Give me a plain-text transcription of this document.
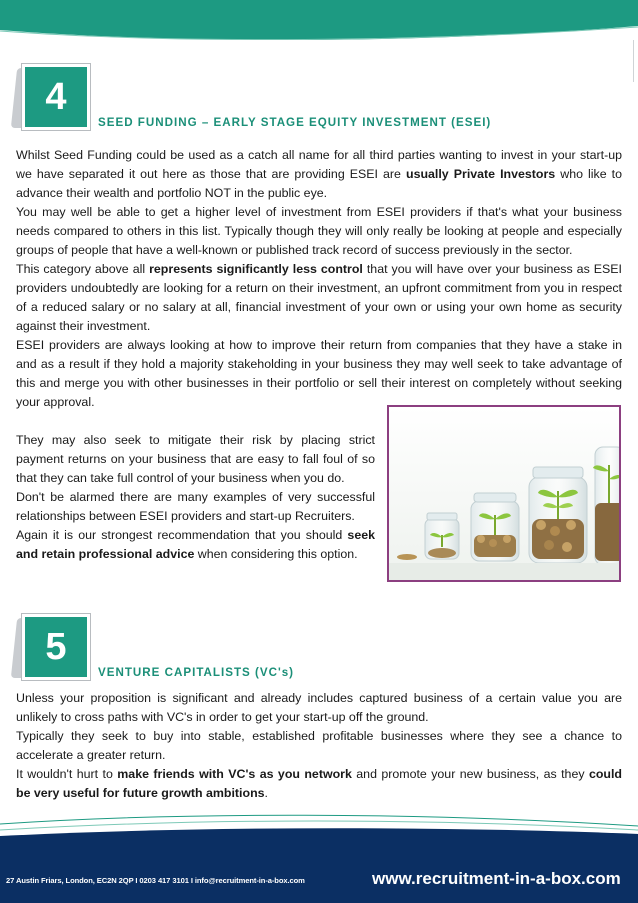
4
SEED FUNDING – EARLY STAGE EQUITY INVESTMENT (ESEI)

Whilst Seed Funding could be used as a catch all name for all third parties wanting to invest in your start-up we have separated it out here as those that are providing ESEI are usually Private Investors who like to advance their wealth and portfolio NOT in the public eye.

You may well be able to get a higher level of investment from ESEI providers if that's what your business needs compared to others in this list. Typically though they will only really be looking at people and especially groups of people that have a well-known or published track record of success previously in the sector.

This category above all represents significantly less control that you will have over your business as ESEI providers undoubtedly are looking for a return on their investment, an upfront commitment from you in respect of a reduced salary or no salary at all, financial investment of your own or using your own home as security against their investment.

ESEI providers are always looking at how to improve their return from companies that they have a stake in and as a result if they hold a majority stakeholding in your business they may well seek to take advantage of this and merge you with other businesses in their portfolio or sell their interest on completely without seeking your approval.

They may also seek to mitigate their risk by placing strict payment returns on your business that are easy to fall foul of so that they can take full control of your business when you do.

Don't be alarmed there are many examples of very successful relationships between ESEI providers and start-up Recruiters.

Again it is our strongest recommendation that you should seek and retain professional advice when considering this option.

5
VENTURE CAPITALISTS (VC's)

Unless your proposition is significant and already includes captured business of a certain value you are unlikely to cross paths with VC's in order to get your start-up off the ground.

Typically they seek to buy into stable, established profitable businesses where they see a chance to accelerate a greater return.

It wouldn't hurt to make friends with VC's as you network and promote your new business, as they could be very useful for future growth ambitions.

27 Austin Friars, London, EC2N 2QP I 0203 417 3101 I info@recruitment-in-a-box.com	www.recruitment-in-a-box.com
